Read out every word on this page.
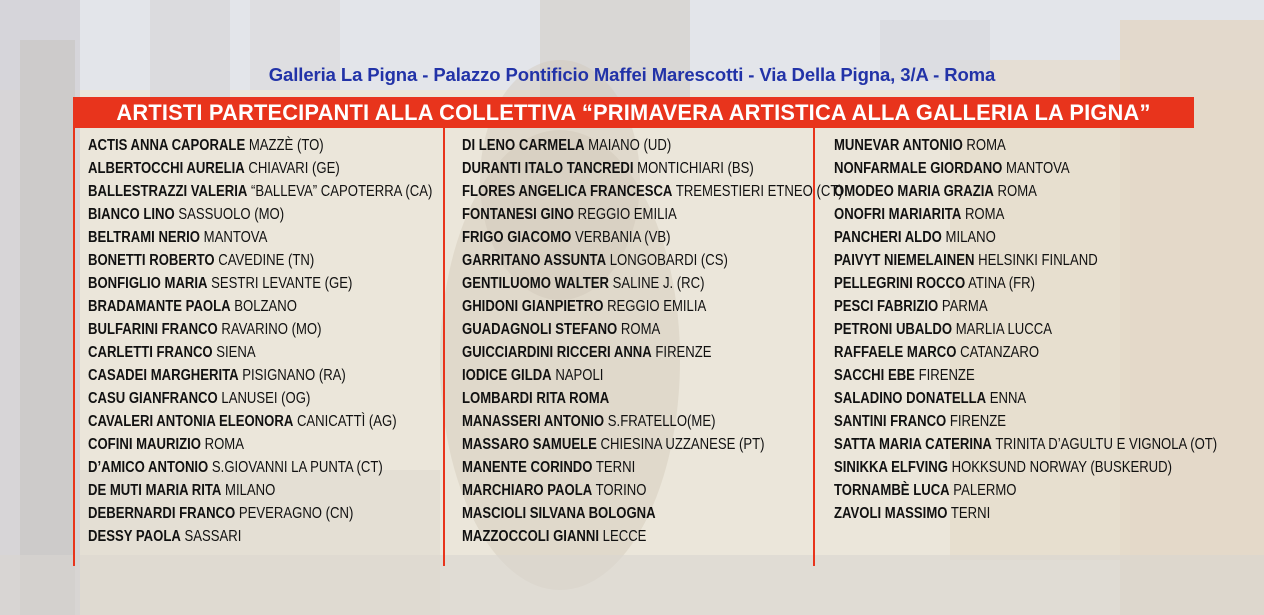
Galleria La Pigna - Palazzo Pontificio Maffei Marescotti - Via Della Pigna, 3/A - Roma
ARTISTI PARTECIPANTI ALLA COLLETTIVA “PRIMAVERA ARTISTICA ALLA GALLERIA LA PIGNA”
ACTIS ANNA CAPORALE MAZZÈ (TO)
ALBERTOCCHI AURELIA CHIAVARI (GE)
BALLESTRAZZI VALERIA “BALLEVA” CAPOTERRA (CA)
BIANCO LINO SASSUOLO (MO)
BELTRAMI NERIO MANTOVA
BONETTI ROBERTO CAVEDINE (TN)
BONFIGLIO MARIA SESTRI LEVANTE (GE)
BRADAMANTE PAOLA BOLZANO
BULFARINI FRANCO RAVARINO (MO)
CARLETTI FRANCO SIENA
CASADEI MARGHERITA PISIGNANO (RA)
CASU GIANFRANCO LANUSEI (OG)
CAVALERI ANTONIA ELEONORA CANICATTÌ (AG)
COFINI MAURIZIO ROMA
D’AMICO ANTONIO S.GIOVANNI LA PUNTA (CT)
DE MUTI MARIA RITA MILANO
DEBERNARDI FRANCO PEVERAGNO (CN)
DESSY PAOLA SASSARI
DI LENO CARMELA MAIANO (UD)
DURANTI ITALO TANCREDI MONTICHIARI (BS)
FLORES ANGELICA FRANCESCA TREMESTIERI ETNEO (CT)
FONTANESI GINO REGGIO EMILIA
FRIGO GIACOMO VERBANIA (VB)
GARRITANO ASSUNTA LONGOBARDI (CS)
GENTILUOMO WALTER SALINE J. (RC)
GHIDONI GIANPIETRO REGGIO EMILIA
GUADAGNOLI STEFANO ROMA
GUICCIARDINI RICCERI ANNA FIRENZE
IODICE GILDA NAPOLI
LOMBARDI RITA ROMA
MANASSERI ANTONIO S.FRATELLO(ME)
MASSARO SAMUELE CHIESINA UZZANESE (PT)
MANENTE CORINDO TERNI
MARCHIARO PAOLA TORINO
MASCIOLI SILVANA BOLOGNA
MAZZOCCOLI GIANNI LECCE
MUNEVAR ANTONIO ROMA
NONFARMALE GIORDANO MANTOVA
OMODEO MARIA GRAZIA ROMA
ONOFRI MARIARITA ROMA
PANCHERI ALDO MILANO
PAIVYT NIEMELAINEN HELSINKI FINLAND
PELLEGRINI ROCCO ATINA (FR)
PESCI FABRIZIO PARMA
PETRONI UBALDO MARLIA LUCCA
RAFFAELE MARCO CATANZARO
SACCHI EBE FIRENZE
SALADINO DONATELLA ENNA
SANTINI FRANCO FIRENZE
SATTA MARIA CATERINA TRINITA D’AGULTU E VIGNOLA (OT)
SINIKKA ELFVING HOKKSUND NORWAY (BUSKERUD)
TORNAMBÈ LUCA PALERMO
ZAVOLI MASSIMO TERNI
